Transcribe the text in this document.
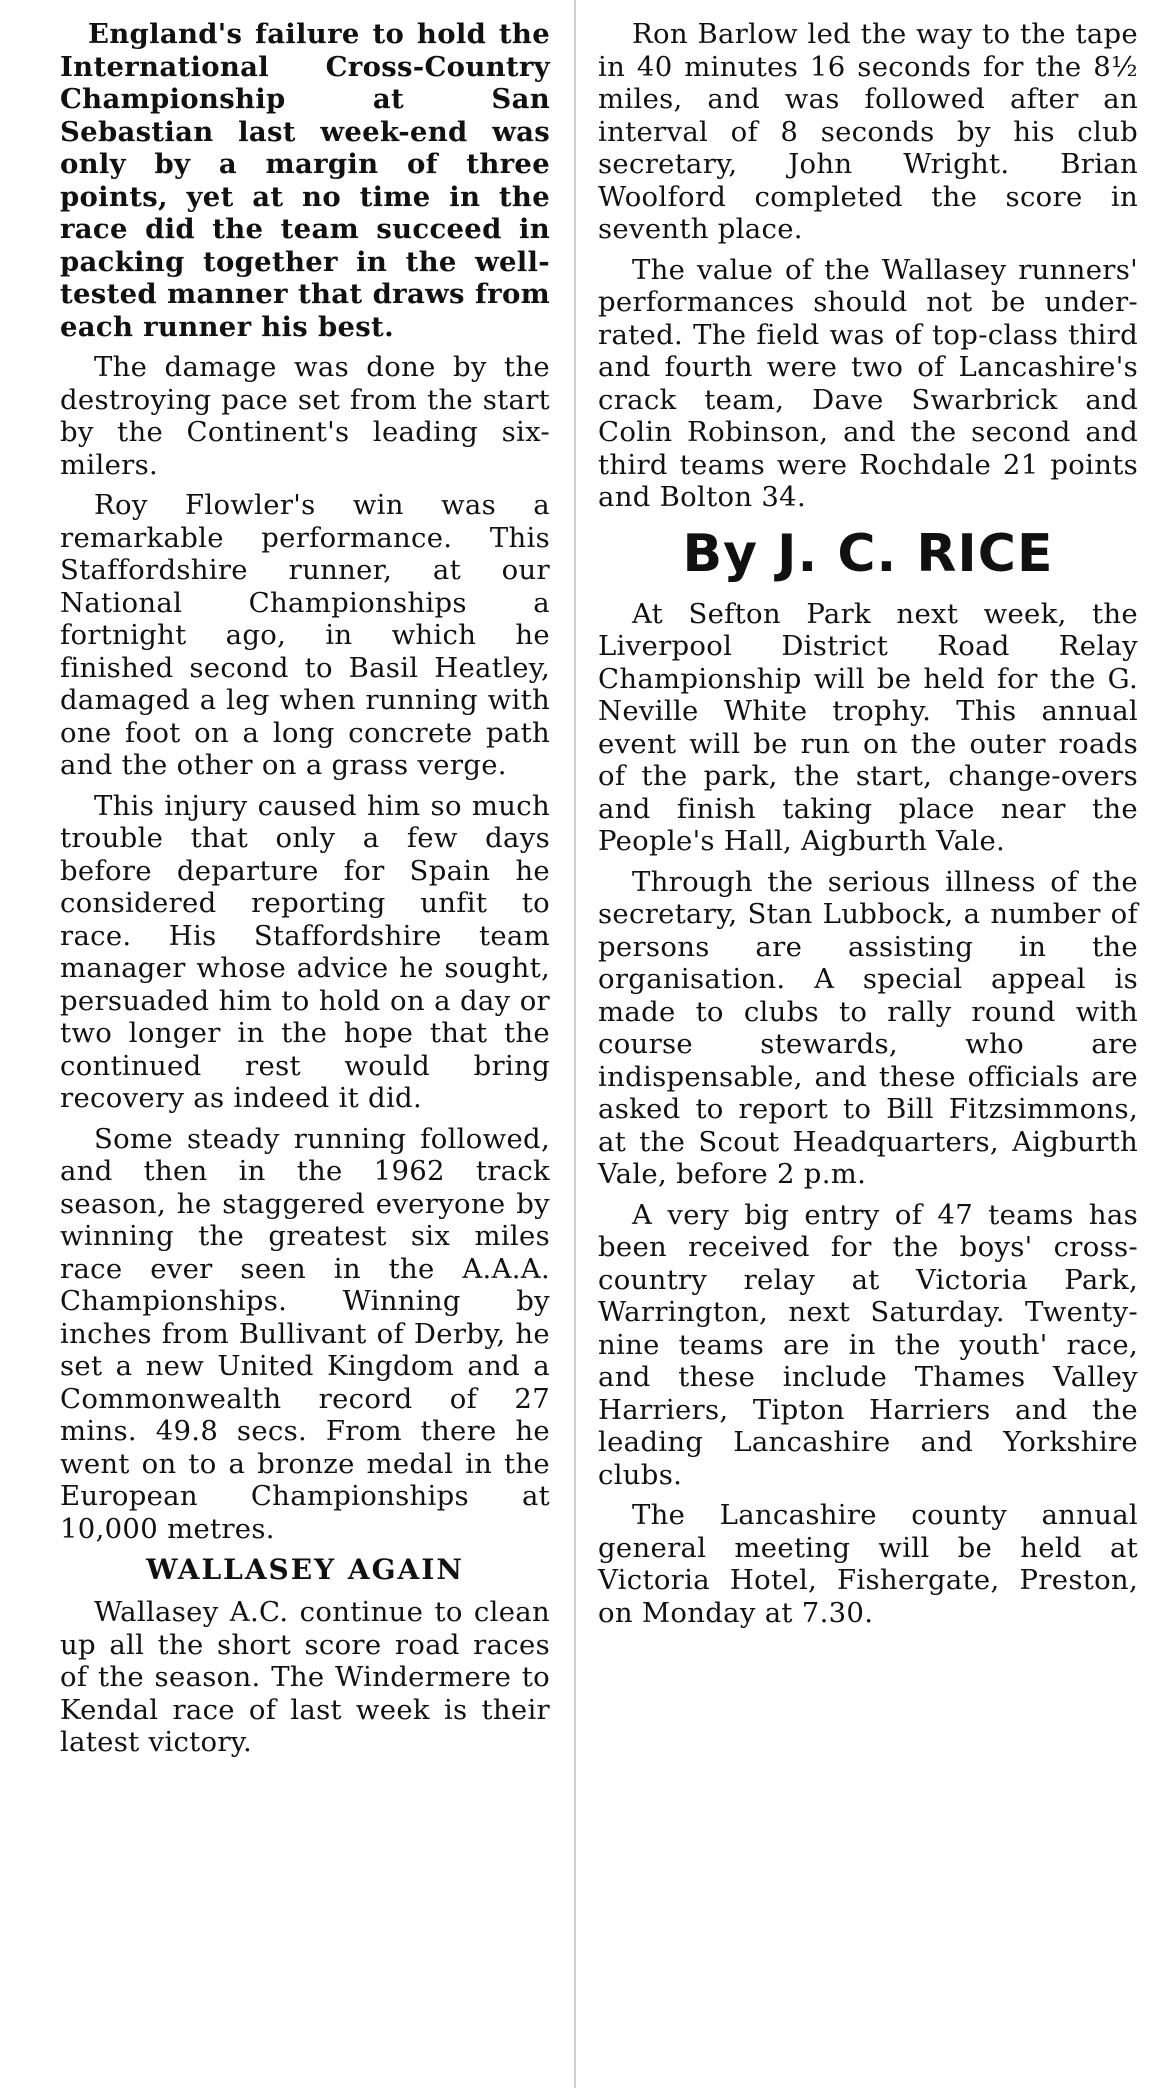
England's failure to hold the International Cross-Country Championship at San Sebastian last week-end was only by a margin of three points, yet at no time in the race did the team succeed in packing together in the well-tested manner that draws from each runner his best.

The damage was done by the destroying pace set from the start by the Continent's leading six-milers.

Roy Flowler's win was a remarkable performance. This Staffordshire runner, at our National Championships a fortnight ago, in which he finished second to Basil Heatley, damaged a leg when running with one foot on a long concrete path and the other on a grass verge.

This injury caused him so much trouble that only a few days before departure for Spain he considered reporting unfit to race. His Staffordshire team manager whose advice he sought, persuaded him to hold on a day or two longer in the hope that the continued rest would bring recovery as indeed it did.

Some steady running followed, and then in the 1962 track season, he staggered everyone by winning the greatest six miles race ever seen in the A.A.A. Championships. Winning by inches from Bullivant of Derby, he set a new United Kingdom and a Commonwealth record of 27 mins. 49.8 secs. From there he went on to a bronze medal in the European Championships at 10,000 metres.

WALLASEY AGAIN

Wallasey A.C. continue to clean up all the short score road races of the season. The Windermere to Kendal race of last week is their latest victory.

Ron Barlow led the way to the tape in 40 minutes 16 seconds for the 8½ miles, and was followed after an interval of 8 seconds by his club secretary, John Wright. Brian Woolford completed the score in seventh place.

The value of the Wallasey runners' performances should not be under-rated. The field was of top-class third and fourth were two of Lancashire's crack team, Dave Swarbrick and Colin Robinson, and the second and third teams were Rochdale 21 points and Bolton 34.

By J. C. RICE

At Sefton Park next week, the Liverpool District Road Relay Championship will be held for the G. Neville White trophy. This annual event will be run on the outer roads of the park, the start, change-overs and finish taking place near the People's Hall, Aigburth Vale.

Through the serious illness of the secretary, Stan Lubbock, a number of persons are assisting in the organisation. A special appeal is made to clubs to rally round with course stewards, who are indispensable, and these officials are asked to report to Bill Fitzsimmons, at the Scout Headquarters, Aigburth Vale, before 2 p.m.

A very big entry of 47 teams has been received for the boys' cross-country relay at Victoria Park, Warrington, next Saturday. Twenty-nine teams are in the youth' race, and these include Thames Valley Harriers, Tipton Harriers and the leading Lancashire and Yorkshire clubs.

The Lancashire county annual general meeting will be held at Victoria Hotel, Fishergate, Preston, on Monday at 7.30.
